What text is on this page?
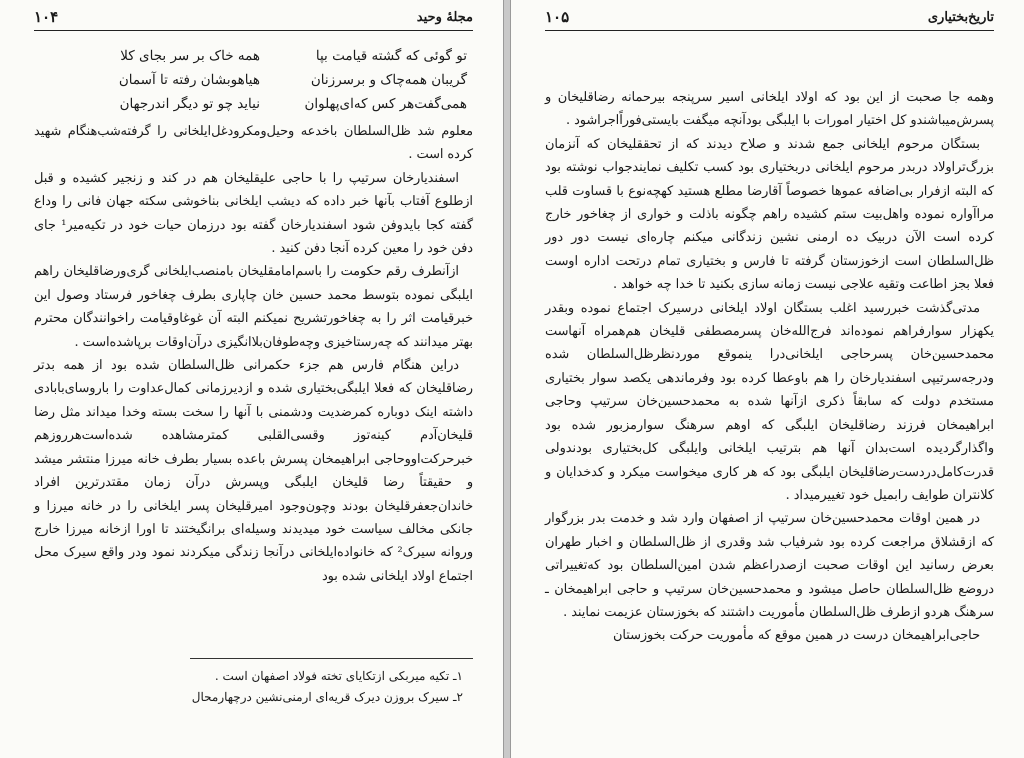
مجلهٔ وحید
۱۰۴
تو گوئی که گشته قیامت بپا
همه خاک بر سر بجای کلا
گریبان همه‌چاک و برسرزنان
هیاهوبشان رفته تا آسمان
همی‌گفت‌هر کس که‌ای‌پهلوان
نیاید چو تو دیگر اندرجهان

معلوم شد ظل‌السلطان باخدعه وحیل‌ومکرودغل‌ایلخانی را گرفته‌شب‌هنگام شهید کرده است .

اسفندیارخان سرتیپ را با حاجی علیقلیخان هم در کند و زنجیر کشیده و قبل ازطلوع آفتاب بآنها خبر داده که دیشب ایلخانی بناخوشی سکته جهان فانی را وداع گفته کجا بایدوفن شود اسفندیارخان گفته بود درزمان حیات خود در تکیه‌میر¹ جای دفن خود را معین کرده آنجا دفن کنید .

ازآنطرف رقم حکومت را باسم‌امامقلیخان بامنصب‌ایلخانی گری‌ورضاقلیخان راهم ایلبگی نموده بتوسط محمد حسین خان چاپاری بطرف چغاخور فرستاد وصول این خبرقیامت اثر را به چغاخورتشریح نمیکنم البته آن غوغاوقیامت راخوانندگان محترم بهتر میدانند که چه‌رستاخیزی وچه‌طوفان‌بلاانگیزی درآن‌اوقات برپاشده‌است .

دراین هنگام فارس هم جزء حکمرانی ظل‌السلطان شده بود از همه بدتر رضاقلیخان که فعلا ایلبگی‌بختیاری شده و ازدیرزمانی کمال‌عداوت را باروسای‌بابادی داشته اینک دوباره کمرضدیت ودشمنی با آنها را سخت بسته وخدا میداند مثل رضا قلیخان‌آدم کینه‌توز وقسی‌القلبی کمترمشاهده شده‌است‌هرروزهم خبرحرکت‌اووحاجی ابراهیمخان پسرش باعده بسیار بطرف خانه میرزا منتشر میشد و حقیقتاً رضا قلیخان ایلبگی وپسرش درآن زمان مقتدرترین افراد خاندان‌جعفرقلیخان بودند وچون‌وجود امیرقلیخان پسر ایلخانی را در خانه میرزا و جانکی مخالف سیاست خود میدیدند وسیله‌ای برانگیختند تا اورا ازخانه میرزا خارج وروانه سیرک² که خانواده‌ایلخانی درآنجا زندگی میکردند نمود ودر واقع سیرک محل اجتماع اولاد ایلخانی شده بود

۱ـ تکیه میربکی ازتکایای تخته فولاد اصفهان است .
۲ـ سیرک بروزن دیرک قریه‌ای ارمنی‌نشین درچهارمحال
تاریخ‌بختیاری
۱۰۵

وهمه جا صحبت از این بود که اولاد ایلخانی اسیر سرپنجه بیرحمانه رضاقلیخان و پسرش‌میباشندو کل اختیار امورات با ایلبگی بودآنچه میگفت بایستی‌فوراًاجراشود .

بستگان مرحوم ایلخانی جمع شدند و صلاح دیدند که از تحققلیخان که آنزمان بزرگ‌تراولاد دربدر مرحوم ایلخانی دربختیاری بود کسب تکلیف نمایندجواب نوشته بود که البته ازفرار بی‌اضافه عموها خصوصاً آقارضا مطلع هستید کهچه‌نوع با قساوت قلب مراآواره نموده واهل‌بیت ستم کشیده راهم چگونه باذلت و خواری از چغاخور خارج کرده است الآن دربیک ده ارمنی نشین زندگانی میکنم چاره‌ای نیست دور دور ظل‌السلطان است ازخوزستان گرفته تا فارس و بختیاری تمام درتحت اداره اوست فعلا بجز اطاعت وتقیه علاجی نیست زمانه سازی بکنید تا خدا چه خواهد .

مدتی‌گذشت خبررسید اغلب بستگان اولاد ایلخانی درسیرک اجتماع نموده وبقدر یکهزار سوارفراهم نموده‌اند فرج‌الله‌خان پسرمصطفی قلیخان هم‌همراه آنهاست محمدحسین‌خان پسرحاجی ایلخانی‌درا ینموقع موردنظرظل‌السلطان شده ودرجه‌سرتیپی اسفندیارخان را هم باوعطا کرده بود وفرماندهی یکصد سوار بختیاری مستخدم دولت که سابقاً ذکری ازآنها شده به محمدحسین‌خان سرتیپ وحاجی ابراهیمخان فرزند رضاقلیخان ایلبگی که اوهم سرهنگ سوارمزبور شده بود واگذارگردیده است‌بدان آنها هم بترتیب ایلخانی وایلبگی کل‌بختیاری بودندولی قدرت‌کامل‌دردست‌رضاقلیخان ایلبگی بود که هر کاری میخواست میکرد و کدخدایان و کلانتران طوایف رابمیل خود تغییرمیداد .

در همین اوقات محمدحسین‌خان سرتیپ از اصفهان وارد شد و خدمت بدر بزرگوار که ازقشلاق مراجعت کرده بود شرفیاب شد وقدری از ظل‌السلطان و اخبار طهران بعرض رسانید این اوقات صحبت ازصدراعظم شدن امین‌السلطان بود که‌تغییراتی دروضع ظل‌السلطان حاصل میشود و محمدحسین‌خان سرتیپ و حاجی ابراهیمخان ـ سرهنگ هردو ازطرف ظل‌السلطان مأموریت داشتند که بخوزستان عزیمت نمایند .

حاجی‌ابراهیمخان درست در همین موقع که مأموریت حرکت بخوزستان
